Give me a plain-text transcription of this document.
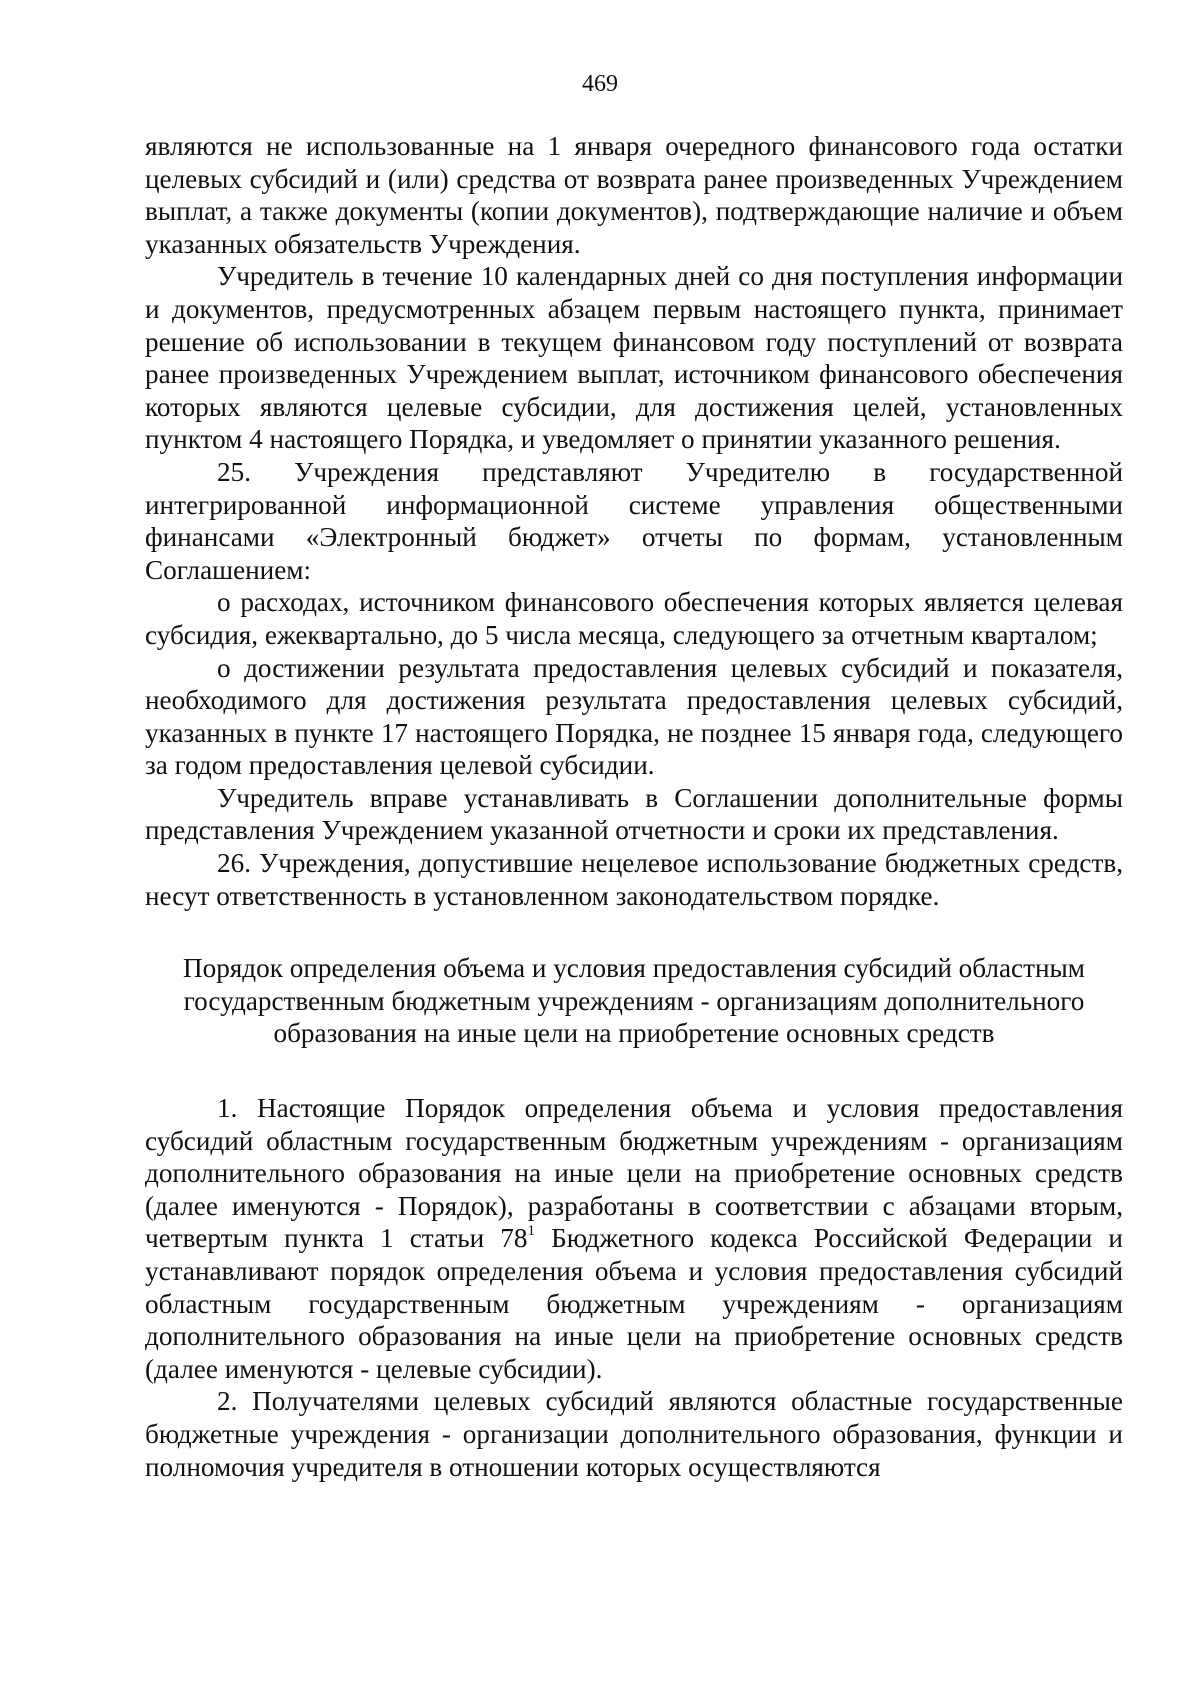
469

являются не использованные на 1 января очередного финансового года остатки целевых субсидий и (или) средства от возврата ранее произведенных Учреждением выплат, а также документы (копии документов), подтверждающие наличие и объем указанных обязательств Учреждения.

Учредитель в течение 10 календарных дней со дня поступления информации и документов, предусмотренных абзацем первым настоящего пункта, принимает решение об использовании в текущем финансовом году поступлений от возврата ранее произведенных Учреждением выплат, источником финансового обеспечения которых являются целевые субсидии, для достижения целей, установленных пунктом 4 настоящего Порядка, и уведомляет о принятии указанного решения.

25. Учреждения представляют Учредителю в государственной интегрированной информационной системе управления общественными финансами «Электронный бюджет» отчеты по формам, установленным Соглашением:

о расходах, источником финансового обеспечения которых является целевая субсидия, ежеквартально, до 5 числа месяца, следующего за отчетным кварталом;

о достижении результата предоставления целевых субсидий и показателя, необходимого для достижения результата предоставления целевых субсидий, указанных в пункте 17 настоящего Порядка, не позднее 15 января года, следующего за годом предоставления целевой субсидии.

Учредитель вправе устанавливать в Соглашении дополнительные формы представления Учреждением указанной отчетности и сроки их представления.

26. Учреждения, допустившие нецелевое использование бюджетных средств, несут ответственность в установленном законодательством порядке.

Порядок определения объема и условия предоставления субсидий областным государственным бюджетным учреждениям - организациям дополнительного образования на иные цели на приобретение основных средств

1. Настоящие Порядок определения объема и условия предоставления субсидий областным государственным бюджетным учреждениям - организациям дополнительного образования на иные цели на приобретение основных средств (далее именуются - Порядок), разработаны в соответствии с абзацами вторым, четвертым пункта 1 статьи $78^1$ Бюджетного кодекса Российской Федерации и устанавливают порядок определения объема и условия предоставления субсидий областным государственным бюджетным учреждениям - организациям дополнительного образования на иные цели на приобретение основных средств (далее именуются - целевые субсидии).

2. Получателями целевых субсидий являются областные государственные бюджетные учреждения - организации дополнительного образования, функции и полномочия учредителя в отношении которых осуществляются
